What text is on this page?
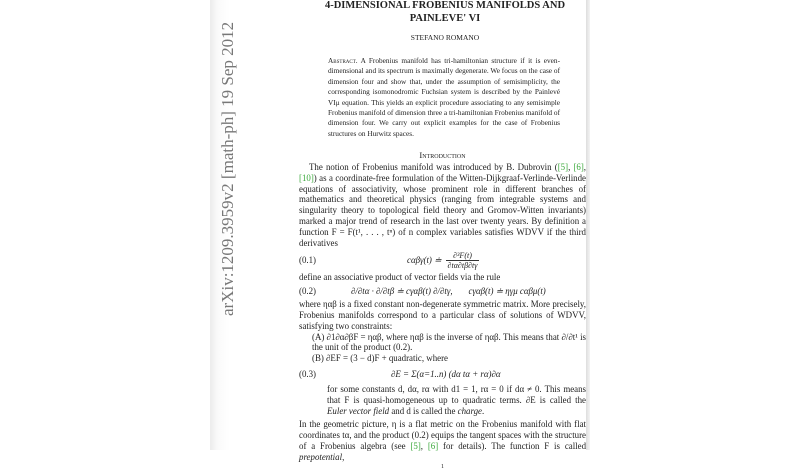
arXiv:1209.3959v2 [math-ph] 19 Sep 2012
4-DIMENSIONAL FROBENIUS MANIFOLDS AND
PAINLEVE' VI
STEFANO ROMANO
Abstract. A Frobenius manifold has tri-hamiltonian structure if it is even-dimensional and its spectrum is maximally degenerate. We focus on the case of dimension four and show that, under the assumption of semisimplicity, the corresponding isomonodromic Fuchsian system is described by the Painlevé VIμ equation. This yields an explicit procedure associating to any semisimple Frobenius manifold of dimension three a tri-hamiltonian Frobenius manifold of dimension four. We carry out explicit examples for the case of Frobenius structures on Hurwitz spaces.
Introduction
The notion of Frobenius manifold was introduced by B. Dubrovin ([5], [6], [10]) as a coordinate-free formulation of the Witten-Dijkgraaf-Verlinde-Verlinde equations of associativity, whose prominent role in different branches of mathematics and theoretical physics (ranging from integrable systems and singularity theory to topological field theory and Gromov-Witten invariants) marked a major trend of research in the last over twenty years. By definition a function F = F(t¹, . . . , tⁿ) of n complex variables satisfies WDVV if the third derivatives
(0.1)	cαβγ(t) ≐ $\frac{\text{∂³F(t)}}{\partial t\alpha\partial t\beta\partial t\gamma}$
define an associative product of vector fields via the rule
(0.2)	∂/∂tα · ∂/∂tβ ≐ cγαβ(t) ∂/∂tγ, cγαβ(t) ≐ ηγμ cαβμ(t)
where ηαβ is a fixed constant non-degenerate symmetric matrix. More precisely, Frobenius manifolds correspond to a particular class of solutions of WDVV, satisfying two constraints:
(A) ∂1∂α∂βF = ηαβ, where ηαβ is the inverse of ηαβ. This means that ∂/∂t¹ is the unit of the product (0.2).
(B) ∂EF = (3 − d)F + quadratic, where
(0.3)	∂E = Σ(α=1..n) (dα tα + rα)∂α
for some constants d, dα, rα with d1 = 1, rα = 0 if dα ≠ 0. This means that F is quasi-homogeneous up to quadratic terms. ∂E is called the Euler vector field and d is called the charge.
In the geometric picture, η is a flat metric on the Frobenius manifold with flat coordinates tα, and the product (0.2) equips the tangent spaces with the structure of a Frobenius algebra (see [5], [6] for details). The function F is called prepotential,
1
